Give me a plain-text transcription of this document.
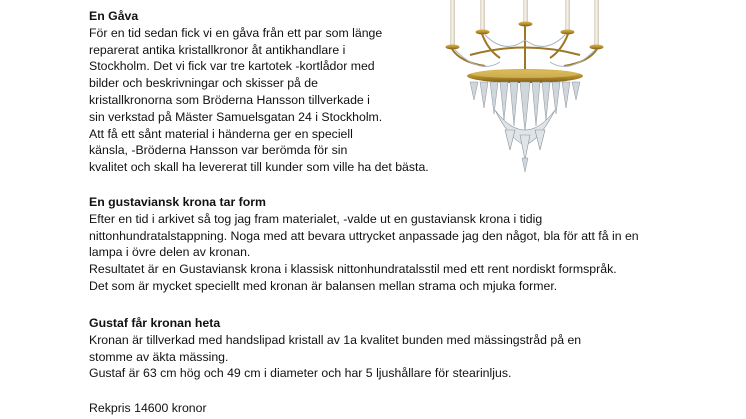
En Gåva
För en tid sedan fick vi en gåva från ett par som länge
reparerat antika kristallkronor åt antikhandlare i
Stockholm. Det vi fick var tre kartotek -kortlådor med
bilder och beskrivningar och skisser på de
kristallkronorna som Bröderna Hansson tillverkade i
sin verkstad på Mäster Samuelsgatan 24 i Stockholm.
Att få ett sånt material i händerna ger en speciell
känsla, -Bröderna Hansson var berömda för sin
kvalitet och skall ha levererat till kunder som ville ha det bästa.
En gustaviansk krona tar form
Efter en tid i arkivet så tog jag fram materialet, -valde ut en gustaviansk krona i tidig
nittonhundratalstappning. Noga med att bevara uttrycket anpassade jag den något, bla för att få in en
lampa i övre delen av kronan.
Resultatet är en Gustaviansk krona i klassisk nittonhundratalsstil med ett rent nordiskt formspråk.
Det som är mycket speciellt med kronan är balansen mellan strama och mjuka former.
Gustaf får kronan heta
Kronan är tillverkad med handslipad kristall av 1a kvalitet bunden med mässingstråd på en
stomme av äkta mässing.
Gustaf är 63 cm hög och 49 cm i diameter och har 5 ljushållare för stearinljus.
Rekpris 14600 kronor
